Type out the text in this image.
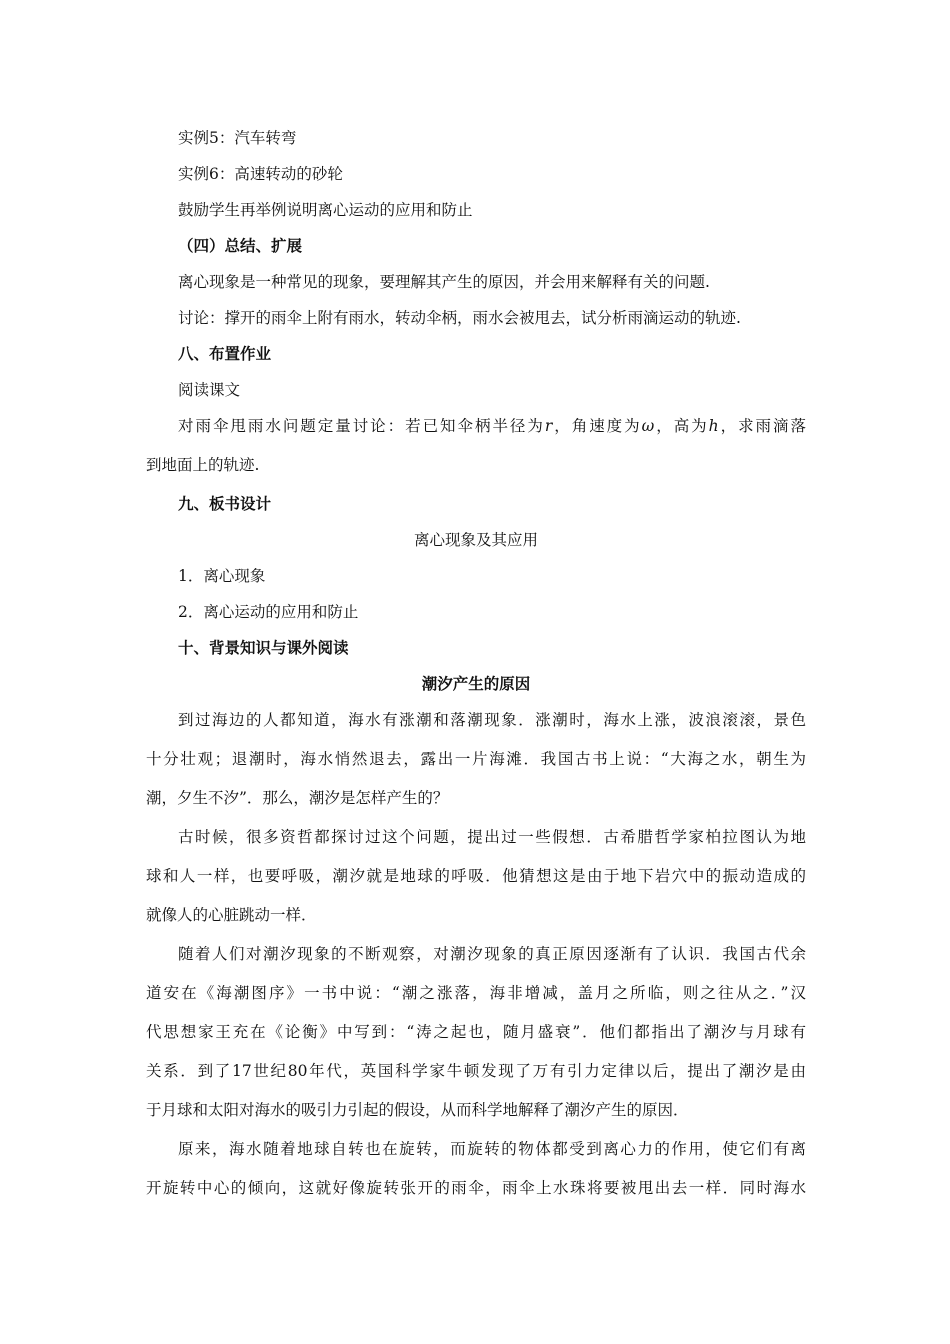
实例5：汽车转弯
实例6：高速转动的砂轮
鼓励学生再举例说明离心运动的应用和防止
（四）总结、扩展
离心现象是一种常见的现象，要理解其产生的原因，并会用来解释有关的问题.
讨论：撑开的雨伞上附有雨水，转动伞柄，雨水会被甩去，试分析雨滴运动的轨迹.
八、布置作业
阅读课文
对雨伞甩雨水问题定量讨论：若已知伞柄半径为r，角速度为ω，高为h，求雨滴落
到地面上的轨迹.
九、板书设计
离心现象及其应用
1．离心现象
2．离心运动的应用和防止
十、背景知识与课外阅读
潮汐产生的原因
到过海边的人都知道，海水有涨潮和落潮现象．涨潮时，海水上涨，波浪滚滚，景色
十分壮观；退潮时，海水悄然退去，露出一片海滩．我国古书上说：“大海之水，朝生为
潮，夕生不汐”．那么，潮汐是怎样产生的？
古时候，很多资哲都探讨过这个问题，提出过一些假想．古希腊哲学家柏拉图认为地
球和人一样，也要呼吸，潮汐就是地球的呼吸．他猜想这是由于地下岩穴中的振动造成的
就像人的心脏跳动一样．
随着人们对潮汐现象的不断观察，对潮汐现象的真正原因逐渐有了认识．我国古代余
道安在《海潮图序》一书中说：“潮之涨落，海非增减，盖月之所临，则之往从之．”汉
代思想家王充在《论衡》中写到：“涛之起也，随月盛衰”．他们都指出了潮汐与月球有
关系．到了17世纪80年代，英国科学家牛顿发现了万有引力定律以后，提出了潮汐是由
于月球和太阳对海水的吸引力引起的假设，从而科学地解释了潮汐产生的原因．
原来，海水随着地球自转也在旋转，而旋转的物体都受到离心力的作用，使它们有离
开旋转中心的倾向，这就好像旋转张开的雨伞，雨伞上水珠将要被甩出去一样．同时海水
